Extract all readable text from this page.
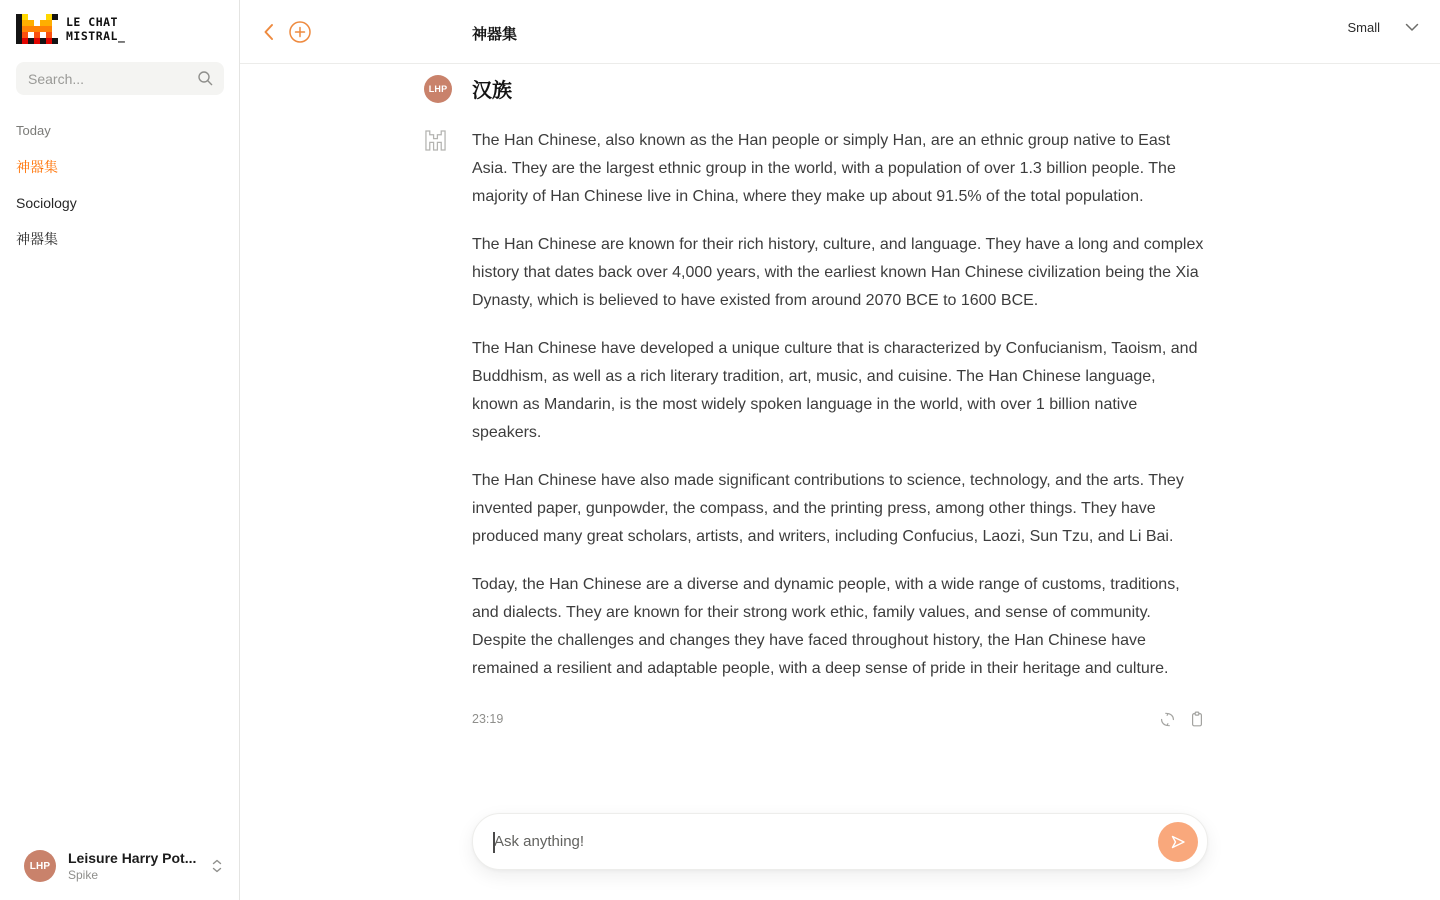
LE CHAT
MISTRAL_
Search...
Today
神器集
Sociology
神器集
LHP	Leisure Harry Pot...
Spike
神器集	Small
LHP 汉族

The Han Chinese, also known as the Han people or simply Han, are an ethnic group native to East Asia. They are the largest ethnic group in the world, with a population of over 1.3 billion people. The majority of Han Chinese live in China, where they make up about 91.5% of the total population.

The Han Chinese are known for their rich history, culture, and language. They have a long and complex history that dates back over 4,000 years, with the earliest known Han Chinese civilization being the Xia Dynasty, which is believed to have existed from around 2070 BCE to 1600 BCE.

The Han Chinese have developed a unique culture that is characterized by Confucianism, Taoism, and Buddhism, as well as a rich literary tradition, art, music, and cuisine. The Han Chinese language, known as Mandarin, is the most widely spoken language in the world, with over 1 billion native speakers.

The Han Chinese have also made significant contributions to science, technology, and the arts. They invented paper, gunpowder, the compass, and the printing press, among other things. They have produced many great scholars, artists, and writers, including Confucius, Laozi, Sun Tzu, and Li Bai.

Today, the Han Chinese are a diverse and dynamic people, with a wide range of customs, traditions, and dialects. They are known for their strong work ethic, family values, and sense of community. Despite the challenges and changes they have faced throughout history, the Han Chinese have remained a resilient and adaptable people, with a deep sense of pride in their heritage and culture.

23:19
Ask anything!
